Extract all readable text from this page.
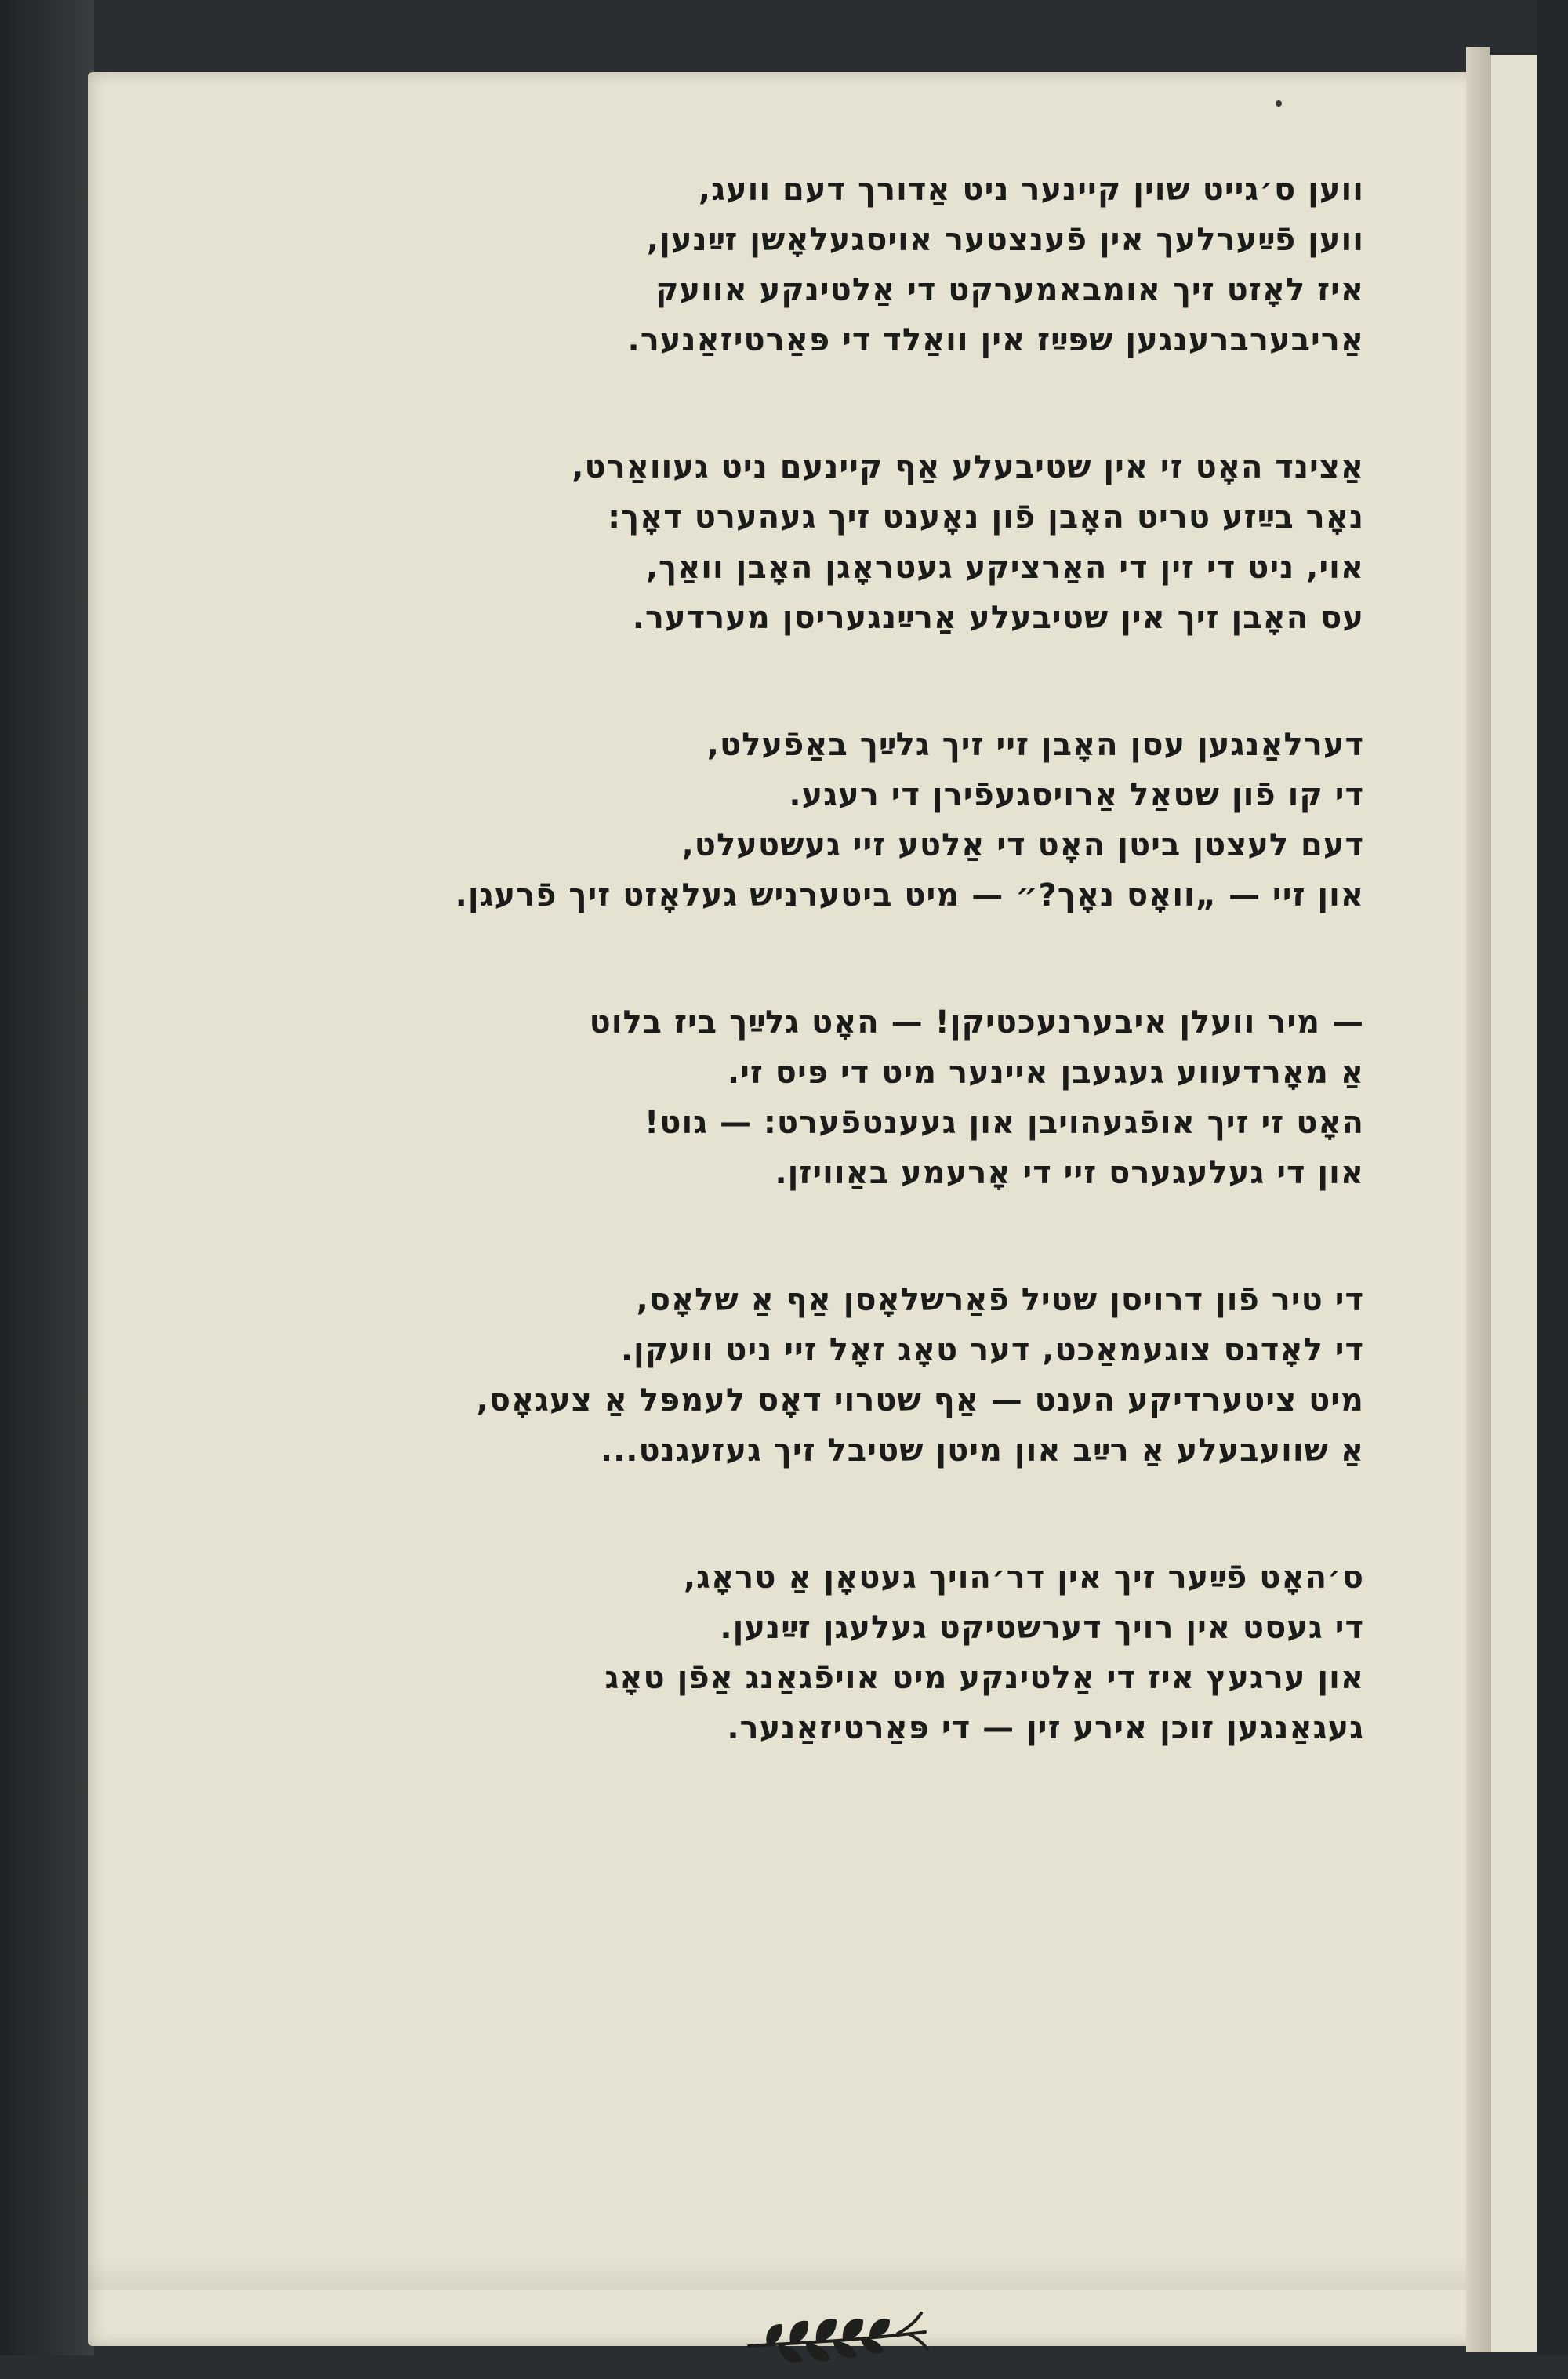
ווען ס׳גייט שוין קיינער ניט אַדורך דעם וועג,
ווען פֿײַערלעך אין פֿענצטער אויסגעלאָשן זײַנען,
איז לאָזט זיך אומבאמערקט די אַלטינקע אוועק
אַריבערברענגען שפּײַז אין וואַלד די פּאַרטיזאַנער.
אַצינד האָט זי אין שטיבעלע אַף קיינעם ניט געוואַרט,
נאָר בײַזע טריט האָבן פֿון נאָענט זיך געהערט דאָך:
אוי, ניט די זין די האַרציקע געטראָגן האָבן וואַך,
עס האָבן זיך אין שטיבעלע אַרײַנגעריסן מערדער.
דערלאַנגען עסן האָבן זיי זיך גלײַך באַפֿעלט,
די קו פֿון שטאַל אַרויסגעפֿירן די רעגע.
דעם לעצטן ביטן האָט די אַלטע זיי געשטעלט,
און זיי — „וואָס נאָך?״ — מיט ביטערניש געלאָזט זיך פֿרעגן.
— מיר וועלן איבערנעכטיקן! — האָט גלײַך ביז בלוט
אַ מאָרדעווע געגעבן איינער מיט די פּיס זי.
האָט זי זיך אופֿגעהויבן און געענטפֿערט: — גוט!
און די געלעגערס זיי די אָרעמע באַוויזן.
די טיר פֿון דרויסן שטיל פֿאַרשלאָסן אַף אַ שלאָס,
די לאָדנס צוגעמאַכט, דער טאָג זאָל זיי ניט וועקן.
מיט ציטערדיקע הענט — אַף שטרוי דאָס לעמפּל אַ צעגאָס,
אַ שוועבעלע אַ רײַב און מיטן שטיבל זיך געזעגנט...
ס׳האָט פֿײַער זיך אין דר׳הויך געטאָן אַ טראָג,
די געסט אין רויך דערשטיקט געלעגן זײַנען.
און ערגעץ איז די אַלטינקע מיט אויפֿגאַנג אַפֿן טאָג
געגאַנגען זוכן אירע זין — די פּאַרטיזאַנער.
